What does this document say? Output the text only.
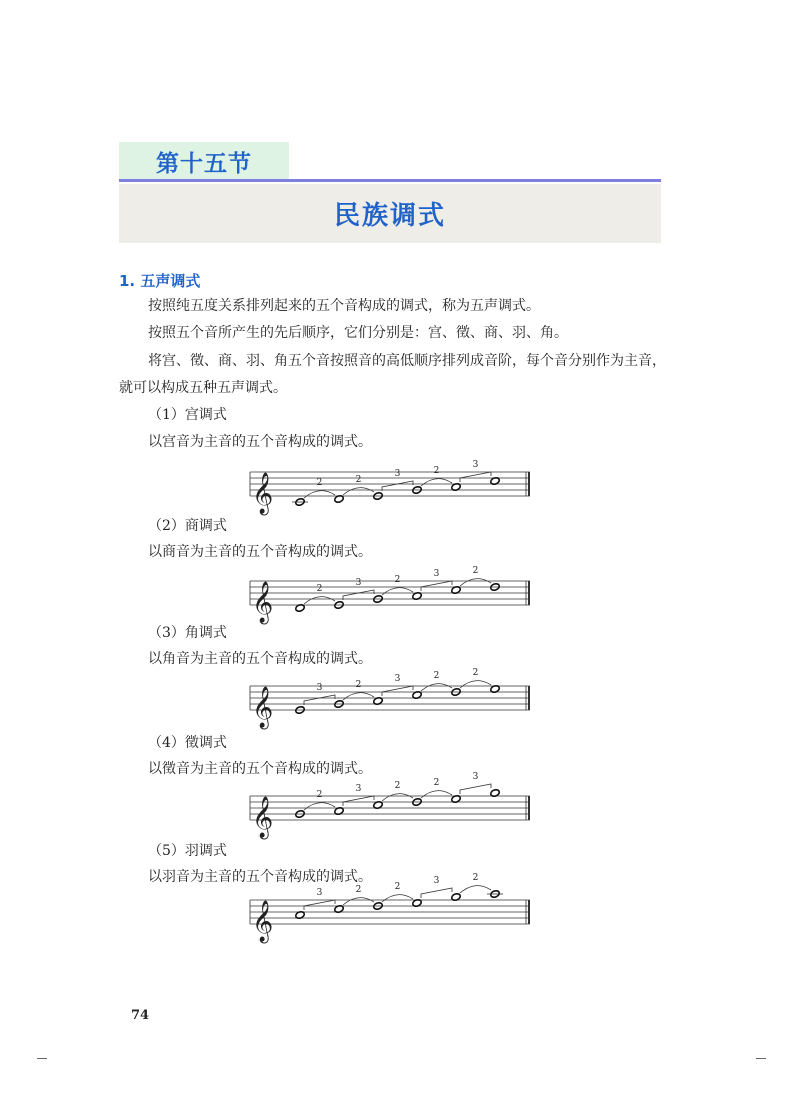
第十五节
民族调式
1. 五声调式
按照纯五度关系排列起来的五个音构成的调式，称为五声调式。
按照五个音所产生的先后顺序，它们分别是：宫、徵、商、羽、角。
将宫、徵、商、羽、角五个音按照音的高低顺序排列成音阶，每个音分别作为主音，
就可以构成五种五声调式。
（1）宫调式
以宫音为主音的五个音构成的调式。
𝄞	2	2
3	2
3
（2）商调式
以商音为主音的五个音构成的调式。
𝄞	2
3	2
3	2
（3）角调式
以角音为主音的五个音构成的调式。
𝄞	3	2
3	2	2
（4）徵调式
以徵音为主音的五个音构成的调式。
𝄞
2
3	2	2
3
（5）羽调式
以羽音为主音的五个音构成的调式。
𝄞
3	2	2
3	2
74
